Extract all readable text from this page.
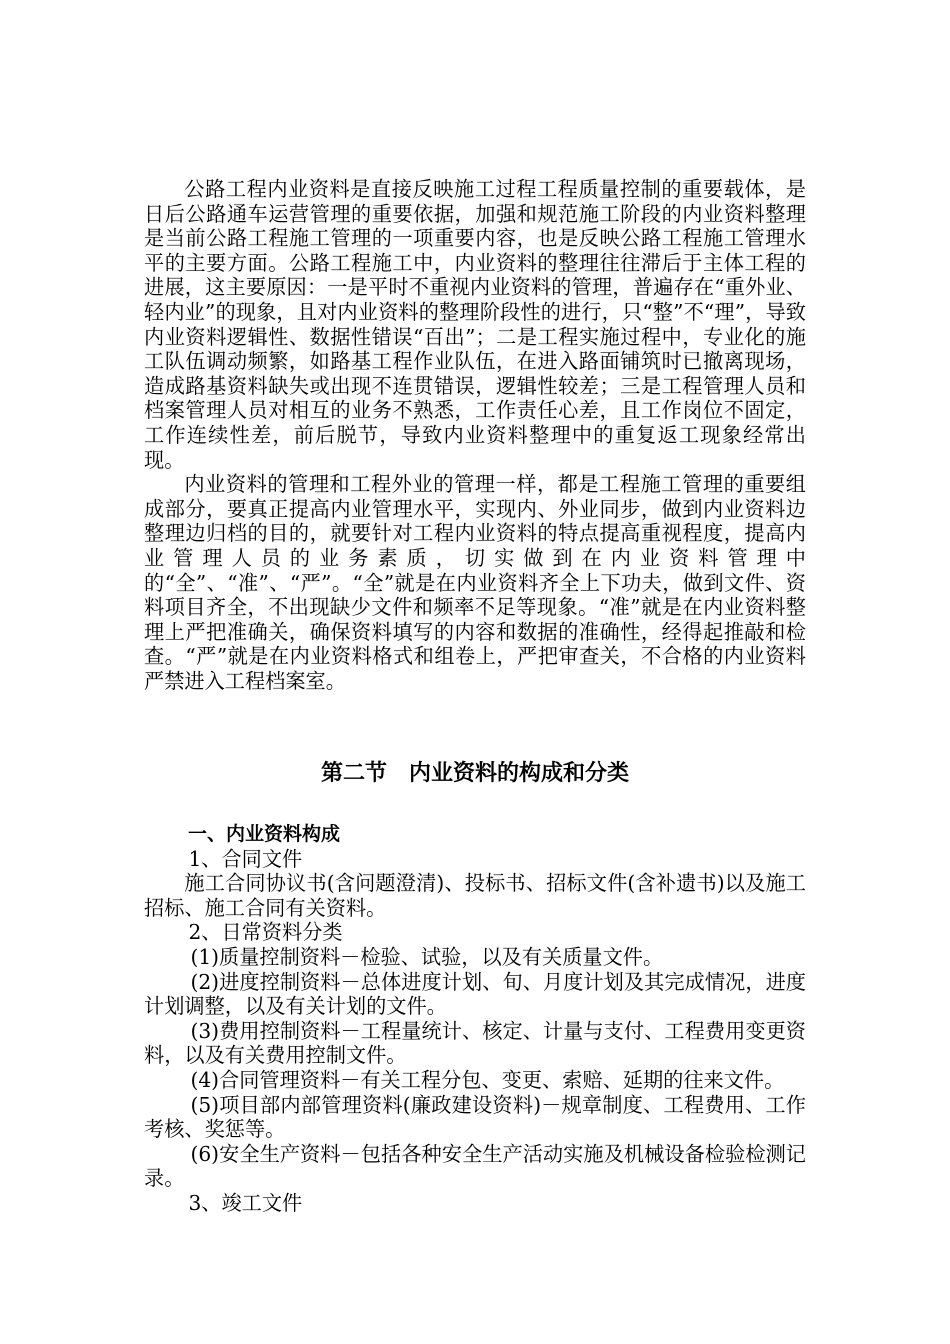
公路工程内业资料是直接反映施工过程工程质量控制的重要载体，是日后公路通车运营管理的重要依据，加强和规范施工阶段的内业资料整理是当前公路工程施工管理的一项重要内容，也是反映公路工程施工管理水平的主要方面。公路工程施工中，内业资料的整理往往滞后于主体工程的进展，这主要原因：一是平时不重视内业资料的管理，普遍存在“重外业、轻内业”的现象，且对内业资料的整理阶段性的进行，只“整”不“理”，导致内业资料逻辑性、数据性错误“百出”；二是工程实施过程中，专业化的施工队伍调动频繁，如路基工程作业队伍，在进入路面铺筑时已撤离现场，造成路基资料缺失或出现不连贯错误，逻辑性较差；三是工程管理人员和档案管理人员对相互的业务不熟悉，工作责任心差，且工作岗位不固定，工作连续性差，前后脱节，导致内业资料整理中的重复返工现象经常出现。

内业资料的管理和工程外业的管理一样，都是工程施工管理的重要组成部分，要真正提高内业管理水平，实现内、外业同步，做到内业资料边整理边归档的目的，就要针对工程内业资料的特点提高重视程度，提高内业管理人员的业务素质，切实做到在内业资料管理中的“全”、“准”、“严”。“全”就是在内业资料齐全上下功夫，做到文件、资料项目齐全，不出现缺少文件和频率不足等现象。“准”就是在内业资料整理上严把准确关，确保资料填写的内容和数据的准确性，经得起推敲和检查。“严”就是在内业资料格式和组卷上，严把审查关，不合格的内业资料严禁进入工程档案室。

第二节 内业资料的构成和分类

一、内业资料构成

1、合同文件

施工合同协议书(含问题澄清)、投标书、招标文件(含补遗书)以及施工招标、施工合同有关资料。

2、日常资料分类

(1)质量控制资料－检验、试验，以及有关质量文件。

(2)进度控制资料－总体进度计划、旬、月度计划及其完成情况，进度计划调整，以及有关计划的文件。

(3)费用控制资料－工程量统计、核定、计量与支付、工程费用变更资料，以及有关费用控制文件。

(4)合同管理资料－有关工程分包、变更、索赔、延期的往来文件。

(5)项目部内部管理资料(廉政建设资料)－规章制度、工程费用、工作考核、奖惩等。

(6)安全生产资料－包括各种安全生产活动实施及机械设备检验检测记录。

3、竣工文件
